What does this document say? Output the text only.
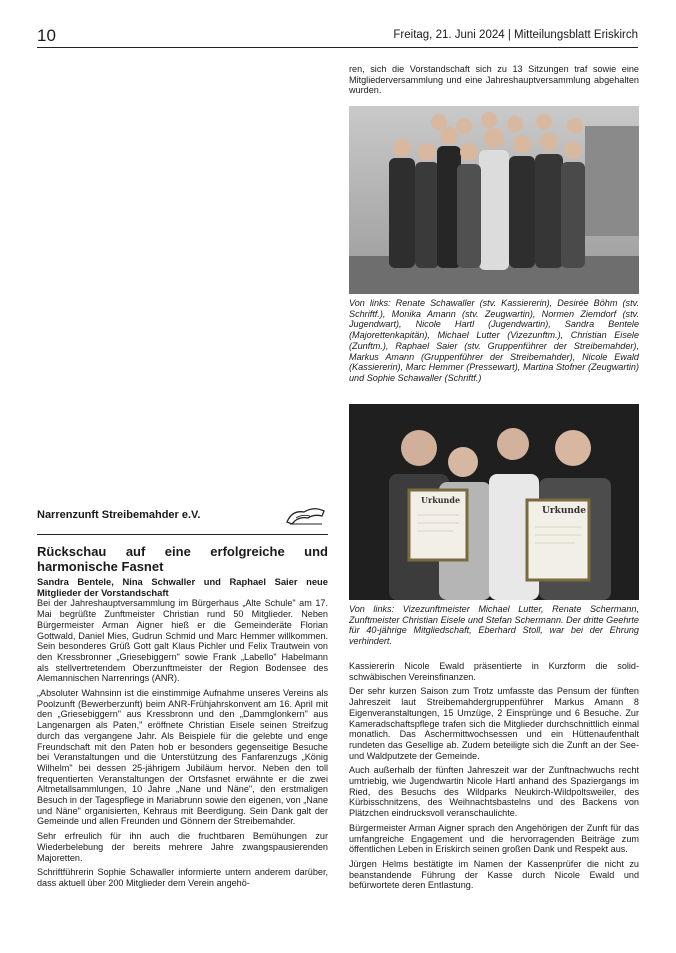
10	Freitag, 21. Juni 2024 | Mitteilungsblatt Eriskirch
Narrenzunft Streibemahder e.V.
Rückschau auf eine erfolgreiche und harmonische Fasnet
Sandra Bentele, Nina Schwaller und Raphael Saier neue Mitglieder der Vorstandschaft

Bei der Jahreshauptversammlung im Bürgerhaus „Alte Schule" am 17. Mai begrüßte Zunftmeister Christian rund 50 Mitglieder. Neben Bürgermeister Arman Aigner hieß er die Gemeinderäte Florian Gottwald, Daniel Mies, Gudrun Schmid und Marc Hemmer willkommen. Sein besonderes Grüß Gott galt Klaus Pichler und Felix Trautwein von den Kressbronner „Griesebiggern" sowie Frank „Labello" Habelmann als stellvertretendem Oberzunftmeister der Region Bodensee des Alemannischen Narrenrings (ANR).

„Absoluter Wahnsinn ist die einstimmige Aufnahme unseres Vereins als Poolzunft (Bewerberzunft) beim ANR-Frühjahrskonvent am 16. April mit den „Griesebiggern" aus Kressbronn und den „Dammglonkern" aus Langenargen als Paten," eröffnete Christian Eisele seinen Streifzug durch das vergangene Jahr. Als Beispiele für die gelebte und enge Freundschaft mit den Paten hob er besonders gegenseitige Besuche bei Veranstaltungen und die Unterstützung des Fanfarenzugs „König Wilhelm" bei dessen 25-jährigem Jubiläum hervor. Neben den toll frequentierten Veranstaltungen der Ortsfasnet erwähnte er die zwei Altmetallsammlungen, 10 Jahre „Nane und Näne", den erstmaligen Besuch in der Tagespflege in Mariabrunn sowie den eigenen, von „Nane und Näne" organisierten, Kehraus mit Beerdigung. Sein Dank galt der Gemeinde und allen Freunden und Gönnern der Streibemahder.

Sehr erfreulich für ihn auch die fruchtbaren Bemühungen zur Wiederbelebung der bereits mehrere Jahre zwangspausierenden Majoretten.

Schriftführerin Sophie Schawaller informierte untern anderem darüber, dass aktuell über 200 Mitglieder dem Verein angehö-

ren, sich die Vorstandschaft sich zu 13 Sitzungen traf sowie eine Mitgliederversammlung und eine Jahreshauptversammlung abgehalten wurden.
Von links: Renate Schawaller (stv. Kassiererin), Desirée Böhm (stv. Schriftf.), Monika Amann (stv. Zeugwartin), Normen Ziemdorf (stv. Jugendwart), Nicole Hartl (Jugendwartin), Sandra Bentele (Majorettenkapitän), Michael Lutter (Vizezunftm.), Christian Eisele (Zunftm.), Raphael Saier (stv. Gruppenführer der Streibemahder), Markus Amann (Gruppenführer der Streibemahder), Nicole Ewald (Kassiererin), Marc Hemmer (Pressewart), Martina Stofner (Zeugwartin) und Sophie Schawaller (Schriftf.)
Urkunde
Urkunde
Von links: Vizezunftmeister Michael Lutter, Renate Schermann, Zunftmeister Christian Eisele und Stefan Schermann. Der dritte Geehrte für 40-jährige Mitgliedschaft, Eberhard Stoll, war bei der Ehrung verhindert.

Kassiererin Nicole Ewald präsentierte in Kurzform die solid-schwäbischen Vereinsfinanzen.

Der sehr kurzen Saison zum Trotz umfasste das Pensum der fünften Jahreszeit laut Streibemahdergruppenführer Markus Amann 8 Eigenveranstaltungen, 15 Umzüge, 2 Einsprünge und 6 Besuche. Zur Kameradschaftspflege trafen sich die Mitglieder durchschnittlich einmal monatlich. Das Aschermittwochsessen und ein Hüttenaufenthalt rundeten das Gesellige ab. Zudem beteiligte sich die Zunft an der See- und Waldputzete der Gemeinde.

Auch außerhalb der fünften Jahreszeit war der Zunftnachwuchs recht umtriebig, wie Jugendwartin Nicole Hartl anhand des Spaziergangs im Ried, des Besuchs des Wildparks Neukirch-Wildpoltsweiler, des Kürbisschnitzens, des Weihnachtsbastelns und des Backens von Plätzchen eindrucksvoll veranschaulichte.

Bürgermeister Arman Aigner sprach den Angehörigen der Zunft für das umfangreiche Engagement und die hervorragenden Beiträge zum öffentlichen Leben in Eriskirch seinen großen Dank und Respekt aus.

Jürgen Helms bestätigte im Namen der Kassenprüfer die nicht zu beanstandende Führung der Kasse durch Nicole Ewald und befürwortete deren Entlastung.
